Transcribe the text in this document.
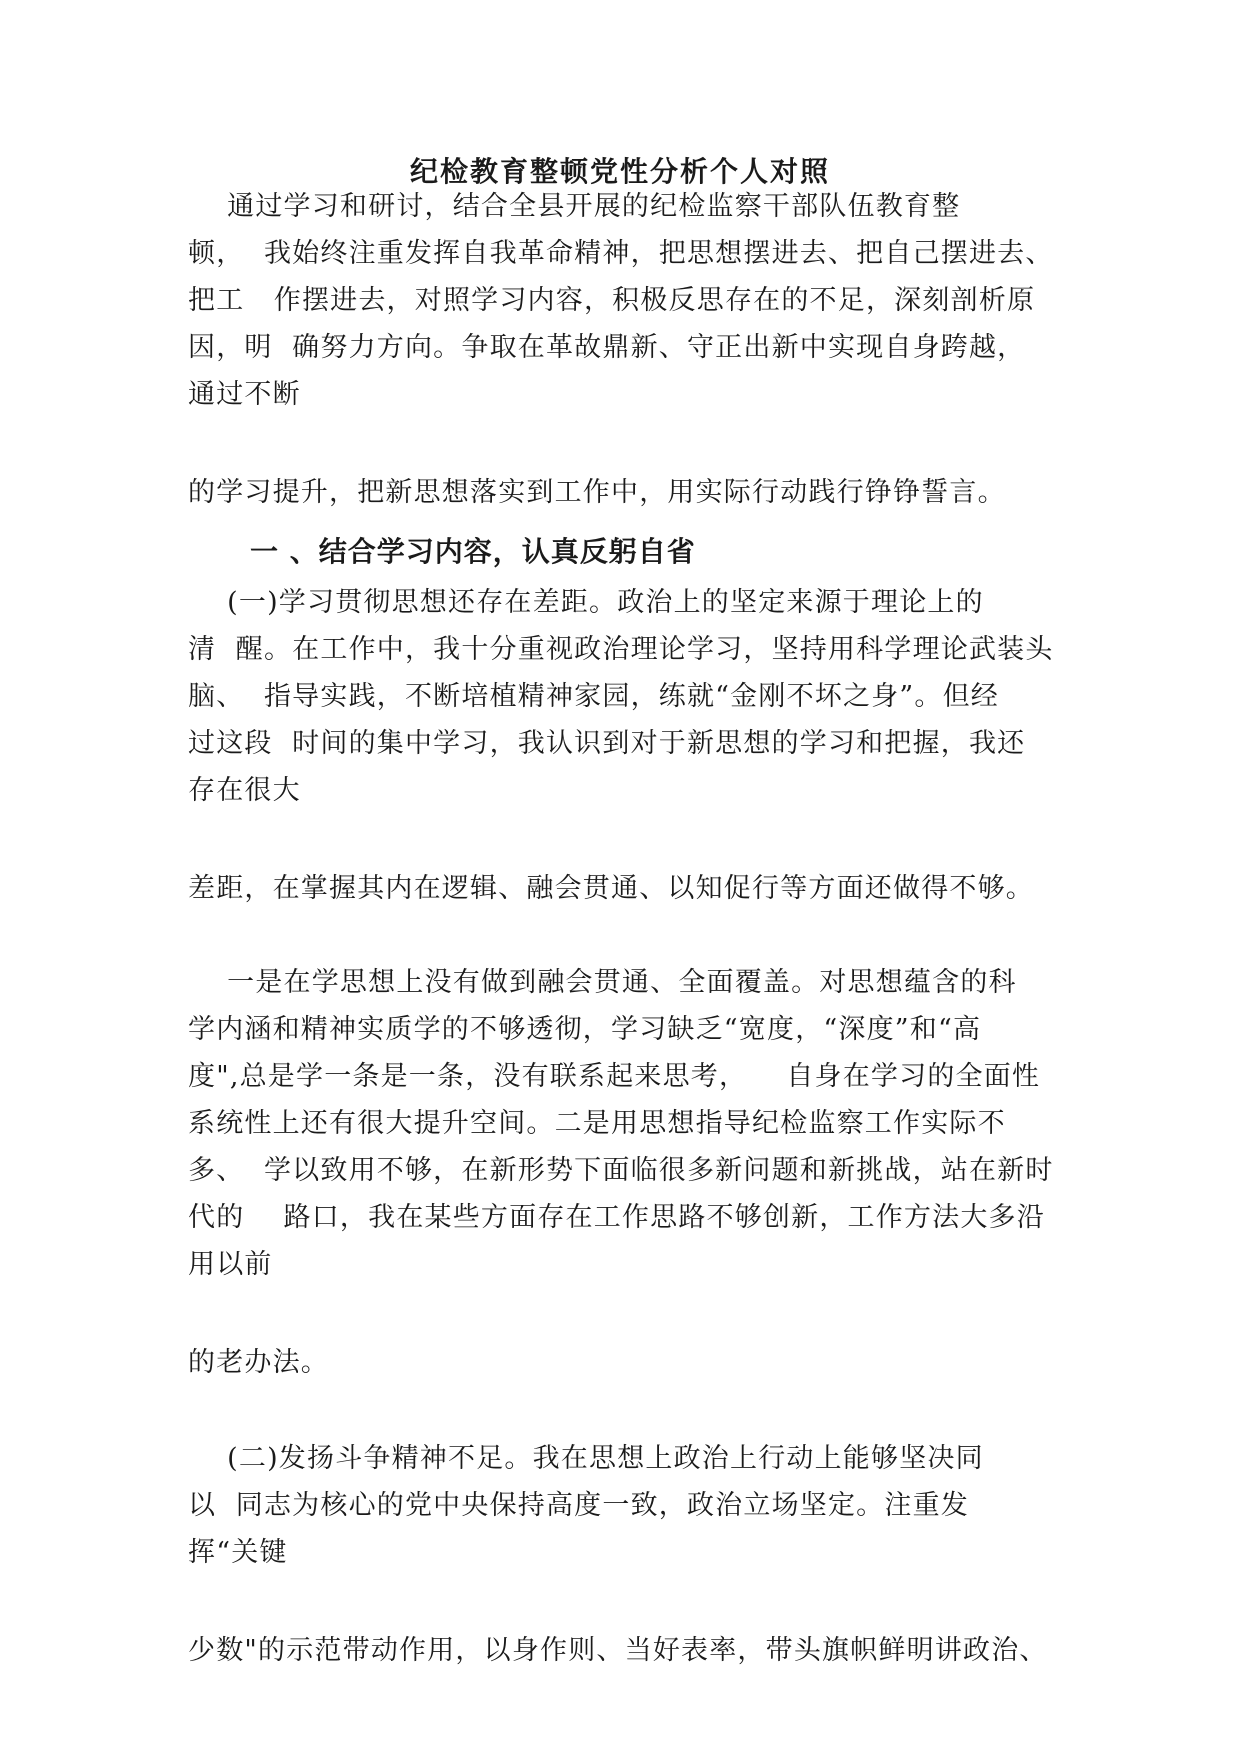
纪检教育整顿党性分析个人对照
通过学习和研讨，结合全县开展的纪检监察干部队伍教育整
顿，  我始终注重发挥自我革命精神，把思想摆进去、把自己摆进去、
把工   作摆进去，对照学习内容，积极反思存在的不足，深刻剖析原
因，明  确努力方向。争取在革故鼎新、守正出新中实现自身跨越，
通过不断
的学习提升，把新思想落实到工作中，用实际行动践行铮铮誓言。
一 、结合学习内容，认真反躬自省
(一)学习贯彻思想还存在差距。政治上的坚定来源于理论上的
清  醒。在工作中，我十分重视政治理论学习，坚持用科学理论武装头
脑、  指导实践，不断培植精神家园，练就“金刚不坏之身”。但经
过这段  时间的集中学习，我认识到对于新思想的学习和把握，我还
存在很大
差距，在掌握其内在逻辑、融会贯通、以知促行等方面还做得不够。
一是在学思想上没有做到融会贯通、全面覆盖。对思想蕴含的科
学内涵和精神实质学的不够透彻，学习缺乏“宽度，“深度”和“高
度",总是学一条是一条，没有联系起来思考，    自身在学习的全面性
系统性上还有很大提升空间。二是用思想指导纪检监察工作实际不
多、  学以致用不够，在新形势下面临很多新问题和新挑战，站在新时
代的    路口，我在某些方面存在工作思路不够创新，工作方法大多沿
用以前
的老办法。
(二)发扬斗争精神不足。我在思想上政治上行动上能够坚决同
以  同志为核心的党中央保持高度一致，政治立场坚定。注重发
挥“关键
少数"的示范带动作用，以身作则、当好表率，带头旗帜鲜明讲政治、
